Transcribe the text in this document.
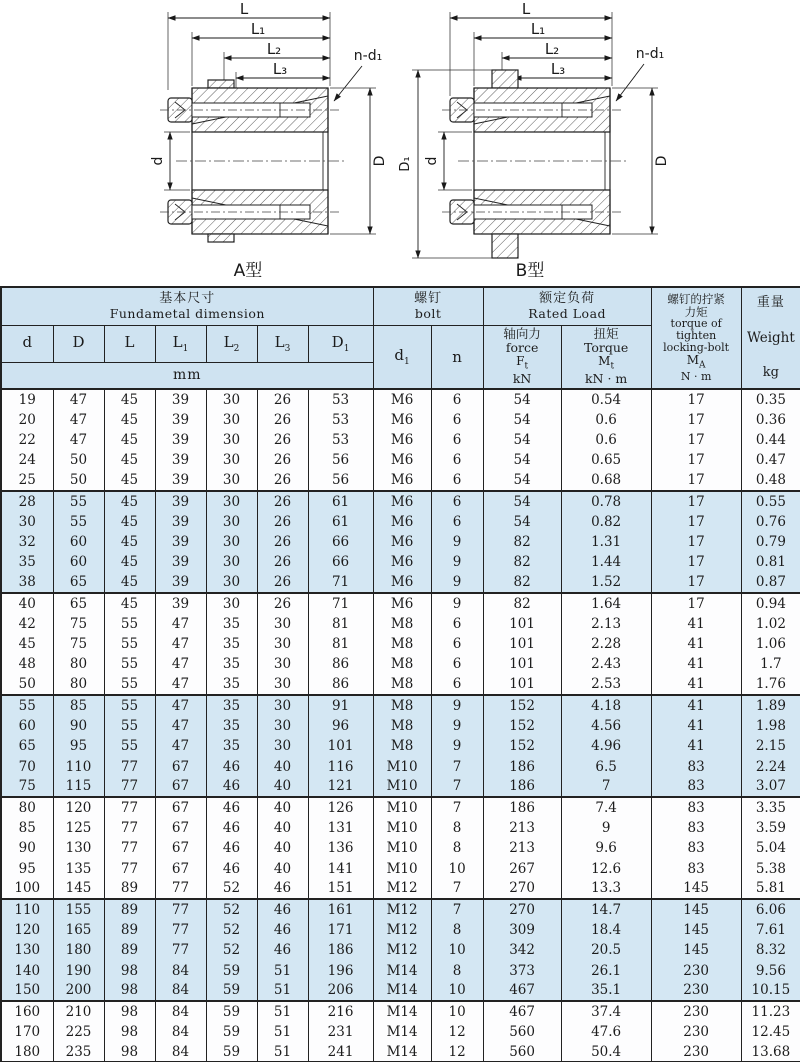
L
L₁
L₂
L₃
n-d₁
d	D
A型
L
L₁
L₂
L₃
n-d₁
d
D₁	D
B型
基本尺寸
Fundametal dimension

螺钉
bolt

额定负荷
Rated Load

螺钉的拧紧
力矩
torque of
tighten
locking-bolt
$M_A$
N · m

重量
Weight
kg

d	D	L	$L_1$	$L_2$	$L_3$	$D_1$	$d_1$	n	
轴向力
force
$F_t$
kN

扭矩
Torque
$M_t$
kN · m

mm												
19	47	45	39	30	26	53	M6	6	54	0.54	17	0.35
20	47	45	39	30	26	53	M6	6	54	0.6	17	0.36
22	47	45	39	30	26	53	M6	6	54	0.6	17	0.44
24	50	45	39	30	26	56	M6	6	54	0.65	17	0.47
25	50	45	39	30	26	56	M6	6	54	0.68	17	0.48
28	55	45	39	30	26	61	M6	6	54	0.78	17	0.55
30	55	45	39	30	26	61	M6	6	54	0.82	17	0.76
32	60	45	39	30	26	66	M6	9	82	1.31	17	0.79
35	60	45	39	30	26	66	M6	9	82	1.44	17	0.81
38	65	45	39	30	26	71	M6	9	82	1.52	17	0.87
40	65	45	39	30	26	71	M6	9	82	1.64	17	0.94
42	75	55	47	35	30	81	M8	6	101	2.13	41	1.02
45	75	55	47	35	30	81	M8	6	101	2.28	41	1.06
48	80	55	47	35	30	86	M8	6	101	2.43	41	1.7
50	80	55	47	35	30	86	M8	6	101	2.53	41	1.76
55	85	55	47	35	30	91	M8	9	152	4.18	41	1.89
60	90	55	47	35	30	96	M8	9	152	4.56	41	1.98
65	95	55	47	35	30	101	M8	9	152	4.96	41	2.15
70	110	77	67	46	40	116	M10	7	186	6.5	83	2.24
75	115	77	67	46	40	121	M10	7	186	7	83	3.07
80	120	77	67	46	40	126	M10	7	186	7.4	83	3.35
85	125	77	67	46	40	131	M10	8	213	9	83	3.59
90	130	77	67	46	40	136	M10	8	213	9.6	83	5.04
95	135	77	67	46	40	141	M10	10	267	12.6	83	5.38
100	145	89	77	52	46	151	M12	7	270	13.3	145	5.81
110	155	89	77	52	46	161	M12	7	270	14.7	145	6.06
120	165	89	77	52	46	171	M12	8	309	18.4	145	7.61
130	180	89	77	52	46	186	M12	10	342	20.5	145	8.32
140	190	98	84	59	51	196	M14	8	373	26.1	230	9.56
150	200	98	84	59	51	206	M14	10	467	35.1	230	10.15
160	210	98	84	59	51	216	M14	10	467	37.4	230	11.23
170	225	98	84	59	51	231	M14	12	560	47.6	230	12.45
180	235	98	84	59	51	241	M14	12	560	50.4	230	13.68
